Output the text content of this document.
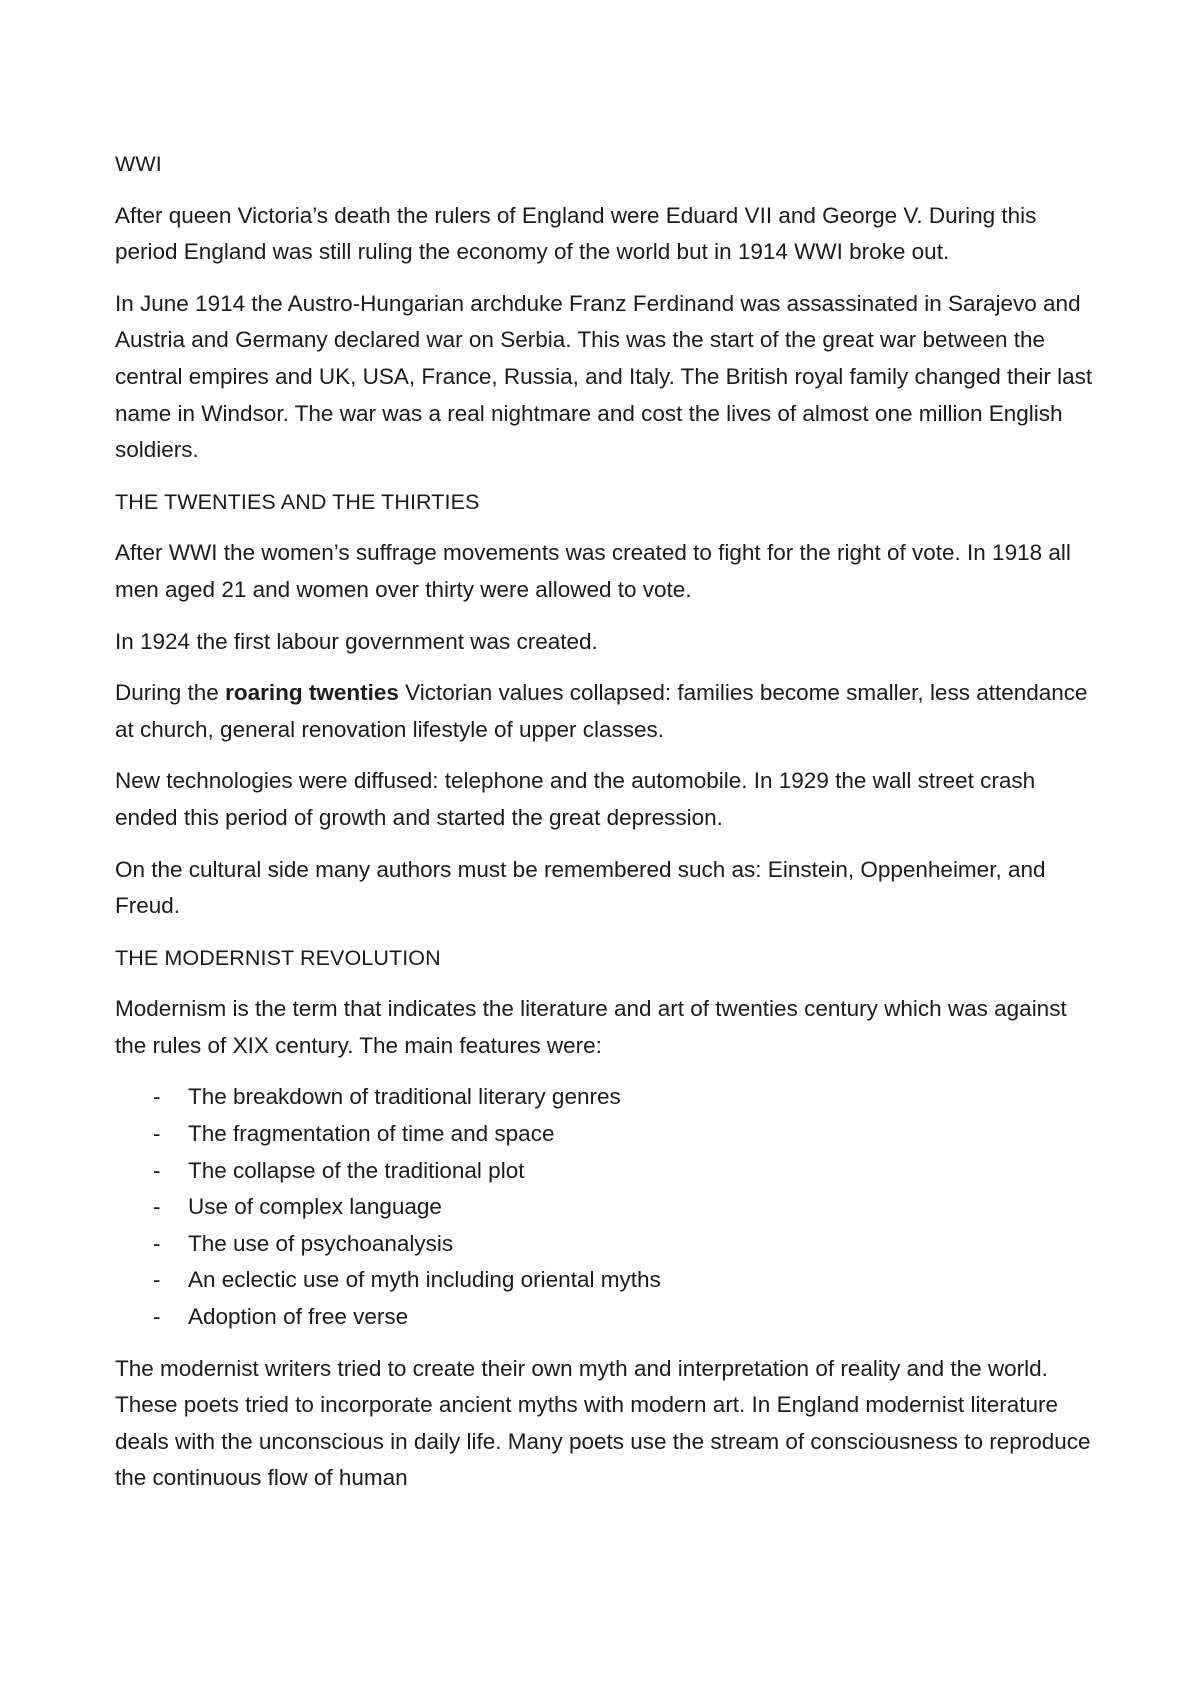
WWI

After queen Victoria’s death the rulers of England were Eduard VII and George V. During this period England was still ruling the economy of the world but in 1914 WWI broke out.

In June 1914 the Austro-Hungarian archduke Franz Ferdinand was assassinated in Sarajevo and Austria and Germany declared war on Serbia. This was the start of the great war between the central empires and UK, USA, France, Russia, and Italy. The British royal family changed their last name in Windsor. The war was a real nightmare and cost the lives of almost one million English soldiers.

THE TWENTIES AND THE THIRTIES

After WWI the women’s suffrage movements was created to fight for the right of vote. In 1918 all men aged 21 and women over thirty were allowed to vote.

In 1924 the first labour government was created.

During the roaring twenties Victorian values collapsed: families become smaller, less attendance at church, general renovation lifestyle of upper classes.

New technologies were diffused: telephone and the automobile. In 1929 the wall street crash ended this period of growth and started the great depression.

On the cultural side many authors must be remembered such as: Einstein, Oppenheimer, and Freud.

THE MODERNIST REVOLUTION

Modernism is the term that indicates the literature and art of twenties century which was against the rules of XIX century. The main features were:

- The breakdown of traditional literary genres
- The fragmentation of time and space
- The collapse of the traditional plot
- Use of complex language
- The use of psychoanalysis
- An eclectic use of myth including oriental myths
- Adoption of free verse

The modernist writers tried to create their own myth and interpretation of reality and the world. These poets tried to incorporate ancient myths with modern art. In England modernist literature deals with the unconscious in daily life. Many poets use the stream of consciousness to reproduce the continuous flow of human
